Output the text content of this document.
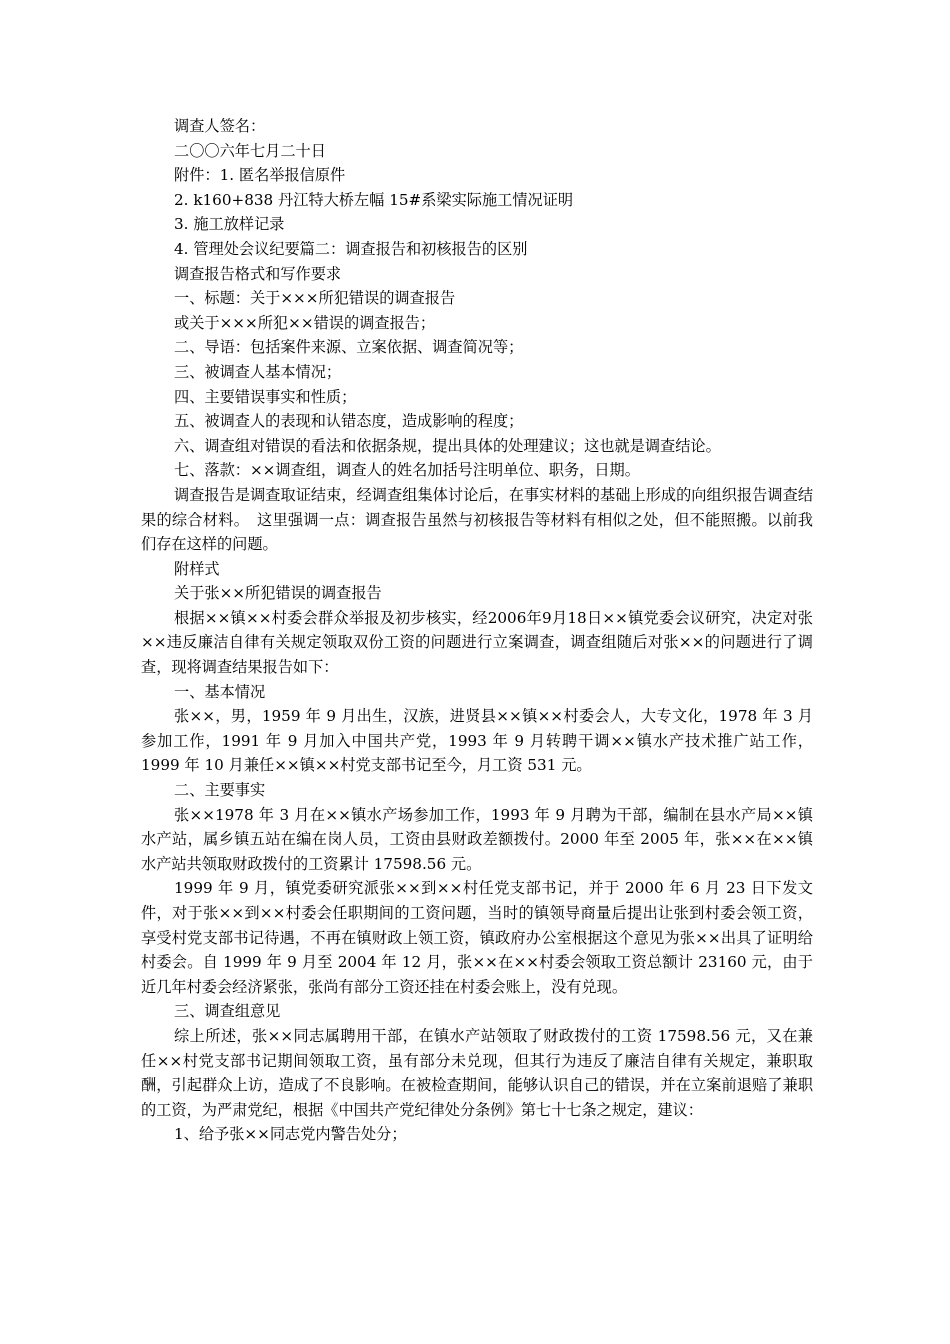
调查人签名：

二〇〇六年七月二十日

附件：1. 匿名举报信原件

2. k160+838 丹江特大桥左幅 15#系梁实际施工情况证明

3. 施工放样记录

4. 管理处会议纪要篇二：调查报告和初核报告的区别

调查报告格式和写作要求

一、标题：关于×××所犯错误的调查报告

或关于×××所犯××错误的调查报告；

二、导语：包括案件来源、立案依据、调查简况等；

三、被调查人基本情况；

四、主要错误事实和性质；

五、被调查人的表现和认错态度，造成影响的程度；

六、调查组对错误的看法和依据条规，提出具体的处理建议；这也就是调查结论。

七、落款：××调查组，调查人的姓名加括号注明单位、职务，日期。

调查报告是调查取证结束，经调查组集体讨论后，在事实材料的基础上形成的向组织报告调查结果的综合材料。　这里强调一点：调查报告虽然与初核报告等材料有相似之处，但不能照搬。以前我们存在这样的问题。

附样式

关于张××所犯错误的调查报告

根据××镇××村委会群众举报及初步核实，经2006年9月18日××镇党委会议研究，决定对张××违反廉洁自律有关规定领取双份工资的问题进行立案调查，调查组随后对张××的问题进行了调查，现将调查结果报告如下：

一、基本情况

张××，男，1959 年 9 月出生，汉族，进贤县××镇××村委会人，大专文化，1978 年 3 月参加工作，1991 年 9 月加入中国共产党，1993 年 9 月转聘干调××镇水产技术推广站工作，1999 年 10 月兼任××镇××村党支部书记至今，月工资 531 元。

二、主要事实

张××1978 年 3 月在××镇水产场参加工作，1993 年 9 月聘为干部，编制在县水产局××镇水产站，属乡镇五站在编在岗人员，工资由县财政差额拨付。2000 年至 2005 年，张××在××镇水产站共领取财政拨付的工资累计 17598.56 元。

1999 年 9 月，镇党委研究派张××到××村任党支部书记，并于 2000 年 6 月 23 日下发文件，对于张××到××村委会任职期间的工资问题，当时的镇领导商量后提出让张到村委会领工资，享受村党支部书记待遇，不再在镇财政上领工资，镇政府办公室根据这个意见为张××出具了证明给村委会。自 1999 年 9 月至 2004 年 12 月，张××在××村委会领取工资总额计 23160 元，由于近几年村委会经济紧张，张尚有部分工资还挂在村委会账上，没有兑现。

三、调查组意见

综上所述，张××同志属聘用干部，在镇水产站领取了财政拨付的工资 17598.56 元，又在兼任××村党支部书记期间领取工资，虽有部分未兑现，但其行为违反了廉洁自律有关规定，兼职取酬，引起群众上访，造成了不良影响。在被检查期间，能够认识自己的错误，并在立案前退赔了兼职的工资，为严肃党纪，根据《中国共产党纪律处分条例》第七十七条之规定，建议：

1、给予张××同志党内警告处分；
